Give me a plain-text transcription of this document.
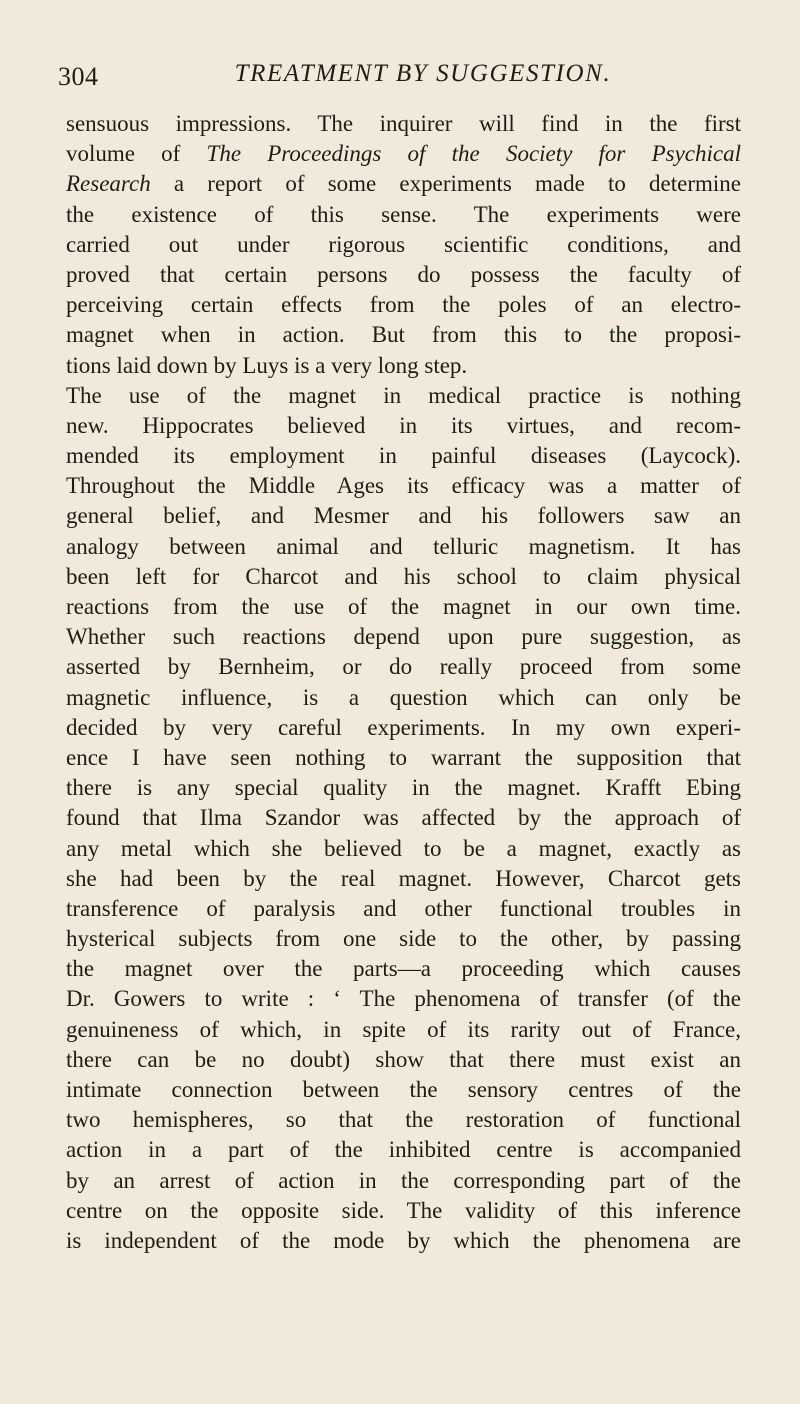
304	TREATMENT BY SUGGESTION.
sensuous impressions. The inquirer will find in the first
volume of The Proceedings of the Society for Psychical
Research a report of some experiments made to determine
the existence of this sense. The experiments were
carried out under rigorous scientific conditions, and
proved that certain persons do possess the faculty of
perceiving certain effects from the poles of an electro-
magnet when in action. But from this to the proposi-
tions laid down by Luys is a very long step.
The use of the magnet in medical practice is nothing
new. Hippocrates believed in its virtues, and recom-
mended its employment in painful diseases (Laycock).
Throughout the Middle Ages its efficacy was a matter of
general belief, and Mesmer and his followers saw an
analogy between animal and telluric magnetism. It has
been left for Charcot and his school to claim physical
reactions from the use of the magnet in our own time.
Whether such reactions depend upon pure suggestion, as
asserted by Bernheim, or do really proceed from some
magnetic influence, is a question which can only be
decided by very careful experiments. In my own experi-
ence I have seen nothing to warrant the supposition that
there is any special quality in the magnet. Krafft Ebing
found that Ilma Szandor was affected by the approach of
any metal which she believed to be a magnet, exactly as
she had been by the real magnet. However, Charcot gets
transference of paralysis and other functional troubles in
hysterical subjects from one side to the other, by passing
the magnet over the parts—a proceeding which causes
Dr. Gowers to write : ‘ The phenomena of transfer (of the
genuineness of which, in spite of its rarity out of France,
there can be no doubt) show that there must exist an
intimate connection between the sensory centres of the
two hemispheres, so that the restoration of functional
action in a part of the inhibited centre is accompanied
by an arrest of action in the corresponding part of the
centre on the opposite side. The validity of this inference
is independent of the mode by which the phenomena are
